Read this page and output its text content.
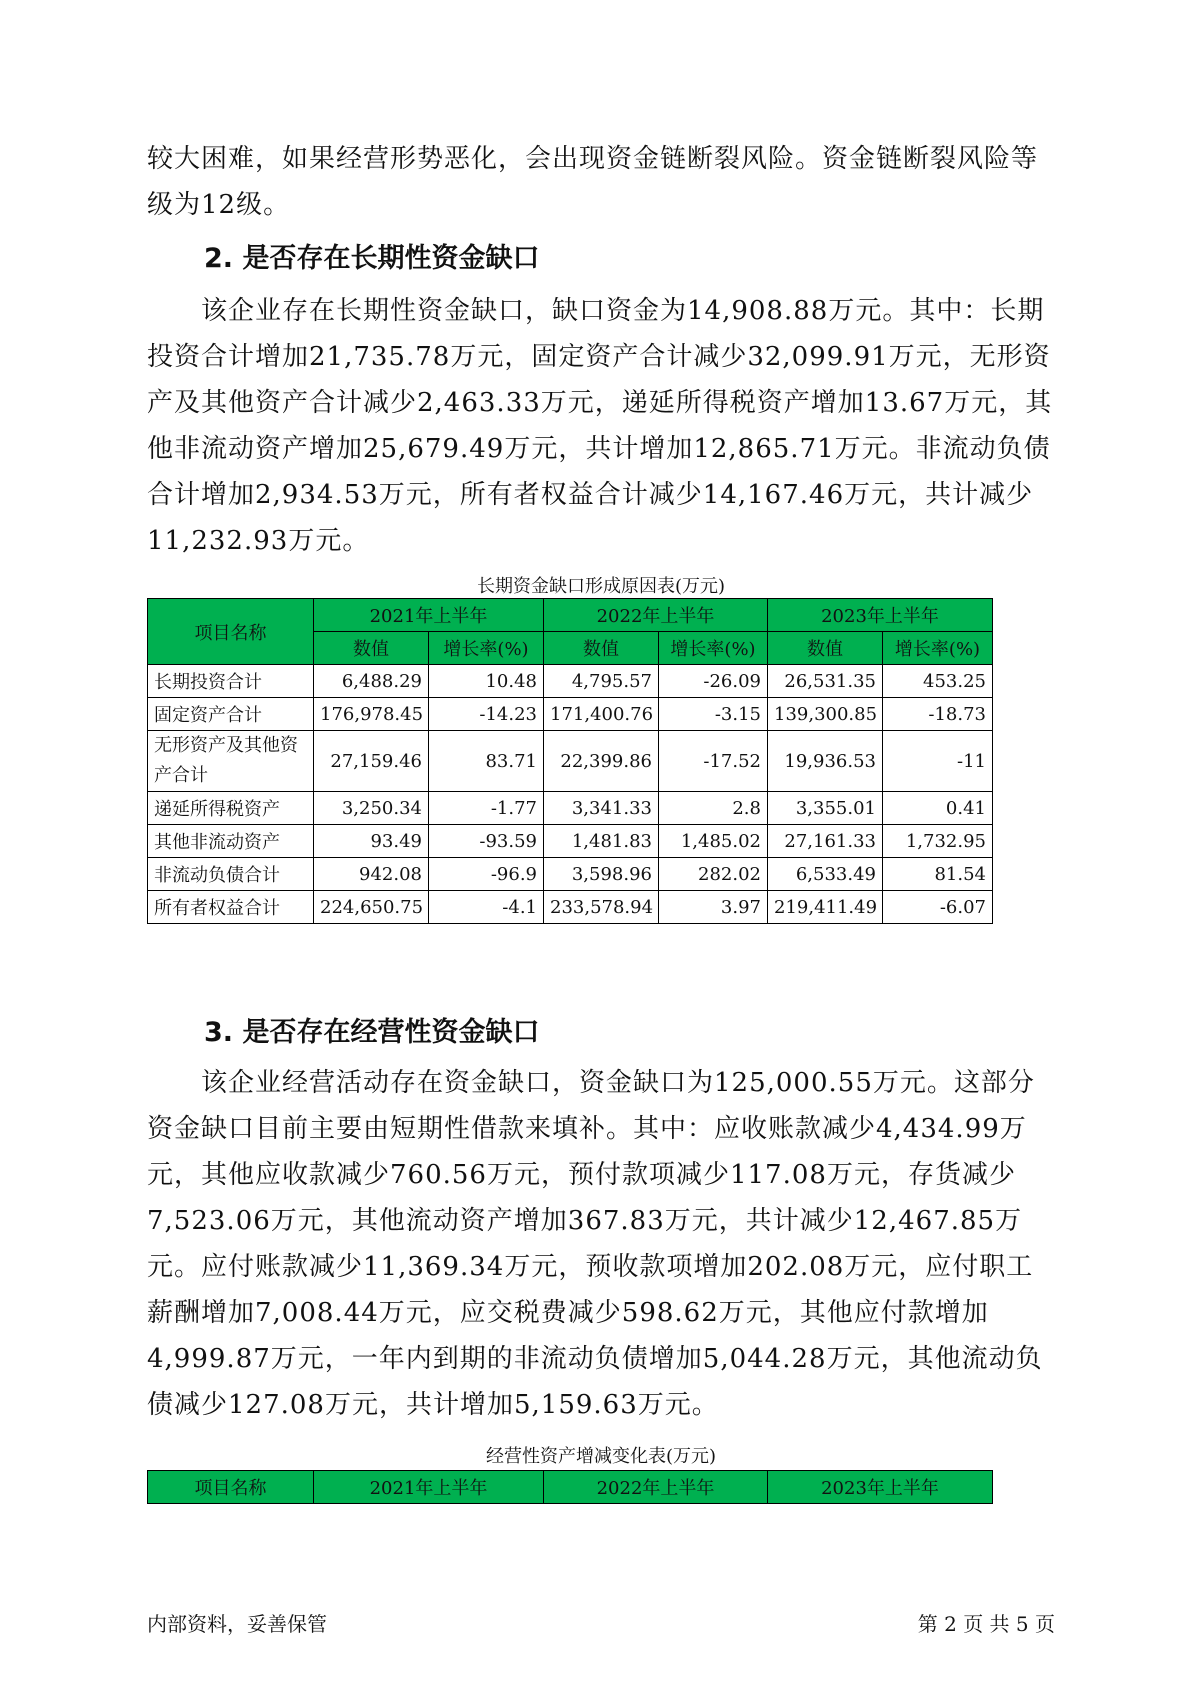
较大困难，如果经营形势恶化，会出现资金链断裂风险。资金链断裂风险等级为12级。

2. 是否存在长期性资金缺口

该企业存在长期性资金缺口，缺口资金为14,908.88万元。其中：长期投资合计增加21,735.78万元，固定资产合计减少32,099.91万元，无形资产及其他资产合计减少2,463.33万元，递延所得税资产增加13.67万元，其他非流动资产增加25,679.49万元，共计增加12,865.71万元。非流动负债合计增加2,934.53万元，所有者权益合计减少14,167.46万元，共计减少11,232.93万元。

长期资金缺口形成原因表(万元)
项目名称	2021年上半年		2022年上半年		2023年上半年	
	数值	增长率(%)	数值	增长率(%)	数值	增长率(%)
长期投资合计	6,488.29	10.48	4,795.57	-26.09	26,531.35	453.25
固定资产合计	176,978.45	-14.23	171,400.76	-3.15	139,300.85	-18.73
无形资产及其他资产合计	27,159.46	83.71	22,399.86	-17.52	19,936.53	-11
递延所得税资产	3,250.34	-1.77	3,341.33	2.8	3,355.01	0.41
其他非流动资产	93.49	-93.59	1,481.83	1,485.02	27,161.33	1,732.95
非流动负债合计	942.08	-96.9	3,598.96	282.02	6,533.49	81.54
所有者权益合计	224,650.75	-4.1	233,578.94	3.97	219,411.49	-6.07
3. 是否存在经营性资金缺口

该企业经营活动存在资金缺口，资金缺口为125,000.55万元。这部分资金缺口目前主要由短期性借款来填补。其中：应收账款减少4,434.99万元，其他应收款减少760.56万元，预付款项减少117.08万元，存货减少7,523.06万元，其他流动资产增加367.83万元，共计减少12,467.85万元。应付账款减少11,369.34万元，预收款项增加202.08万元，应付职工薪酬增加7,008.44万元，应交税费减少598.62万元，其他应付款增加4,999.87万元，一年内到期的非流动负债增加5,044.28万元，其他流动负债减少127.08万元，共计增加5,159.63万元。

经营性资产增减变化表(万元)
项目名称	2021年上半年	2022年上半年	2023年上半年
内部资料，妥善保管	第 2 页 共 5 页
